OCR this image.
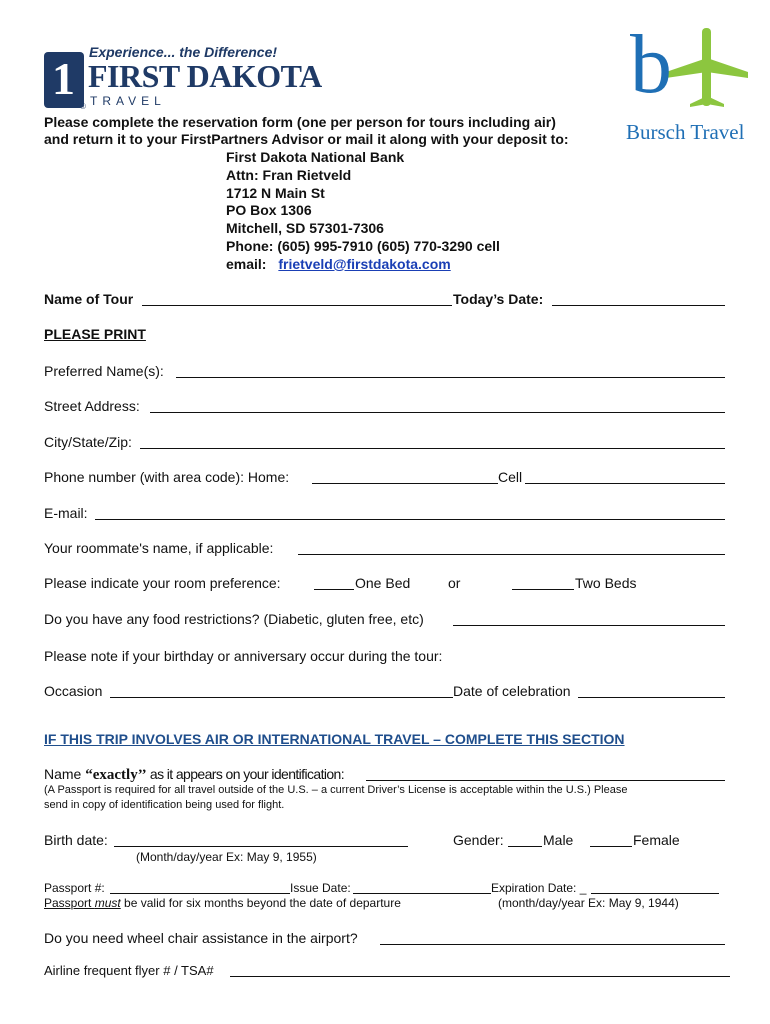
Experience... the Difference!
1 FIRST DAKOTA
TRAVEL
®	b
Bursch Travel
Please complete the reservation form (one per person for tours including air)
and return it to your FirstPartners Advisor or mail it along with your deposit to:
First Dakota National Bank
Attn: Fran Rietveld
1712 N Main St
PO Box 1306
Mitchell, SD 57301-7306
Phone: (605) 995-7910 (605) 770-3290 cell
email: frietveld@firstdakota.com
Name of Tour	Today’s Date:
PLEASE PRINT
Preferred Name(s):
Street Address:
City/State/Zip:
Phone number (with area code): Home:	Cell
E-mail:
Your roommate's name, if applicable:
Please indicate your room preference:	One Bed	or	Two Beds
Do you have any food restrictions? (Diabetic, gluten free, etc)
Please note if your birthday or anniversary occur during the tour:
Occasion	Date of celebration
IF THIS TRIP INVOLVES AIR OR INTERNATIONAL TRAVEL – COMPLETE THIS SECTION
Name “exactly’’ as it appears on your identification:
(A Passport is required for all travel outside of the U.S. – a current Driver’s License is acceptable within the U.S.) Please
send in copy of identification being used for flight.
Birth date:
(Month/day/year Ex: May 9, 1955)
Gender:	Male	Female
Passport #:	Issue Date:	Expiration Date: _
Passport must be valid for six months beyond the date of departure	(month/day/year Ex: May 9, 1944)
Do you need wheel chair assistance in the airport?
Airline frequent flyer # / TSA#
